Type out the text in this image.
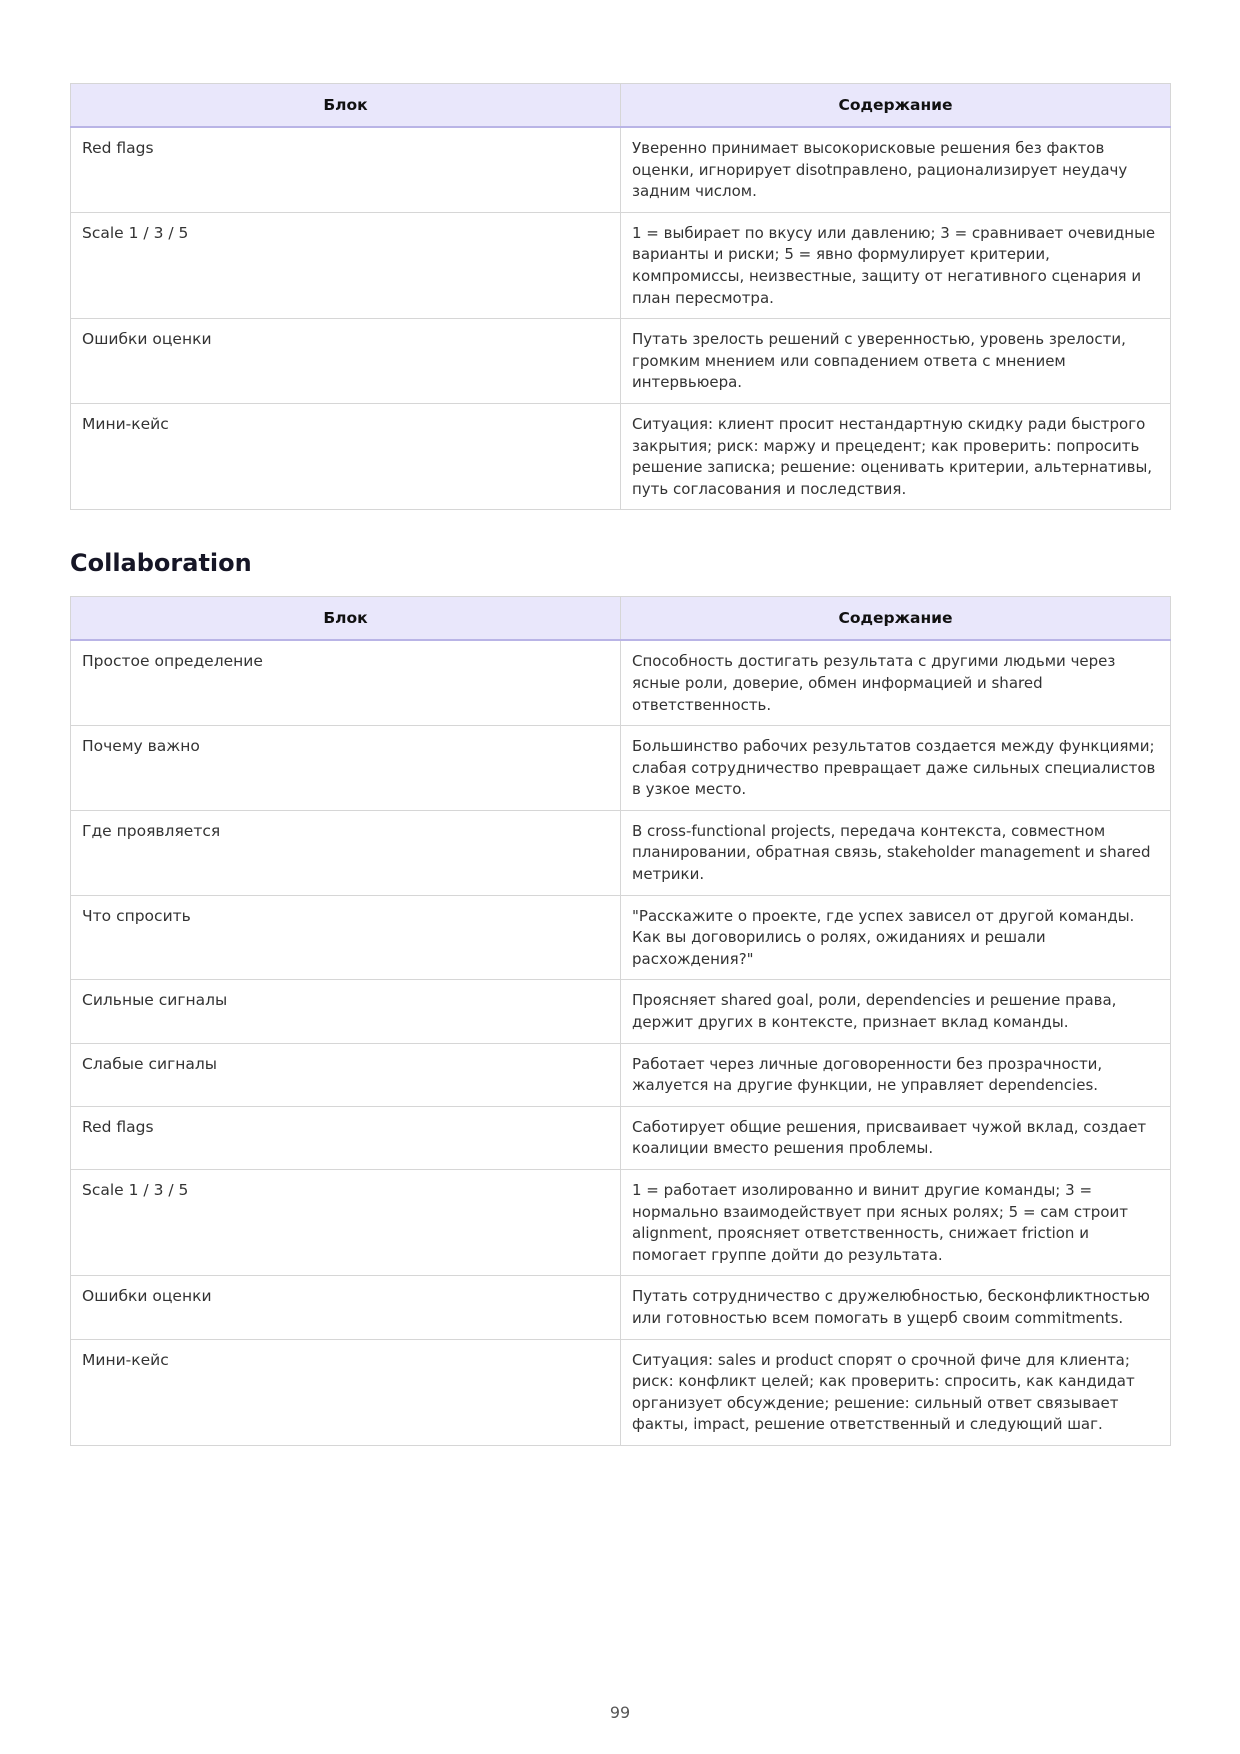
Блок	Содержание
Red flags	Уверенно принимает высокорисковые решения без фактов оценки, игнорирует disotправлено, рационализирует неудачу задним числом.
Scale 1 / 3 / 5	1 = выбирает по вкусу или давлению; 3 = сравнивает очевидные варианты и риски; 5 = явно формулирует критерии, компромиссы, неизвестные, защиту от негативного сценария и план пересмотра.
Ошибки оценки	Путать зрелость решений с уверенностью, уровень зрелости, громким мнением или совпадением ответа с мнением интервьюера.
Мини-кейс	Ситуация: клиент просит нестандартную скидку ради быстрого закрытия; риск: маржу и прецедент; как проверить: попросить решение записка; решение: оценивать критерии, альтернативы, путь согласования и последствия.
Collaboration
Блок	Содержание
Простое определение	Способность достигать результата с другими людьми через ясные роли, доверие, обмен информацией и shared ответственность.
Почему важно	Большинство рабочих результатов создается между функциями; слабая сотрудничество превращает даже сильных специалистов в узкое место.
Где проявляется	В cross-functional projects, передача контекста, совместном планировании, обратная связь, stakeholder management и shared метрики.
Что спросить	"Расскажите о проекте, где успех зависел от другой команды. Как вы договорились о ролях, ожиданиях и решали расхождения?"
Сильные сигналы	Проясняет shared goal, роли, dependencies и решение права, держит других в контексте, признает вклад команды.
Слабые сигналы	Работает через личные договоренности без прозрачности, жалуется на другие функции, не управляет dependencies.
Red flags	Саботирует общие решения, присваивает чужой вклад, создает коалиции вместо решения проблемы.
Scale 1 / 3 / 5	1 = работает изолированно и винит другие команды; 3 = нормально взаимодействует при ясных ролях; 5 = сам строит alignment, проясняет ответственность, снижает friction и помогает группе дойти до результата.
Ошибки оценки	Путать сотрудничество с дружелюбностью, бесконфликтностью или готовностью всем помогать в ущерб своим commitments.
Мини-кейс	Ситуация: sales и product спорят о срочной фиче для клиента; риск: конфликт целей; как проверить: спросить, как кандидат организует обсуждение; решение: сильный ответ связывает факты, impact, решение ответственный и следующий шаг.
99
